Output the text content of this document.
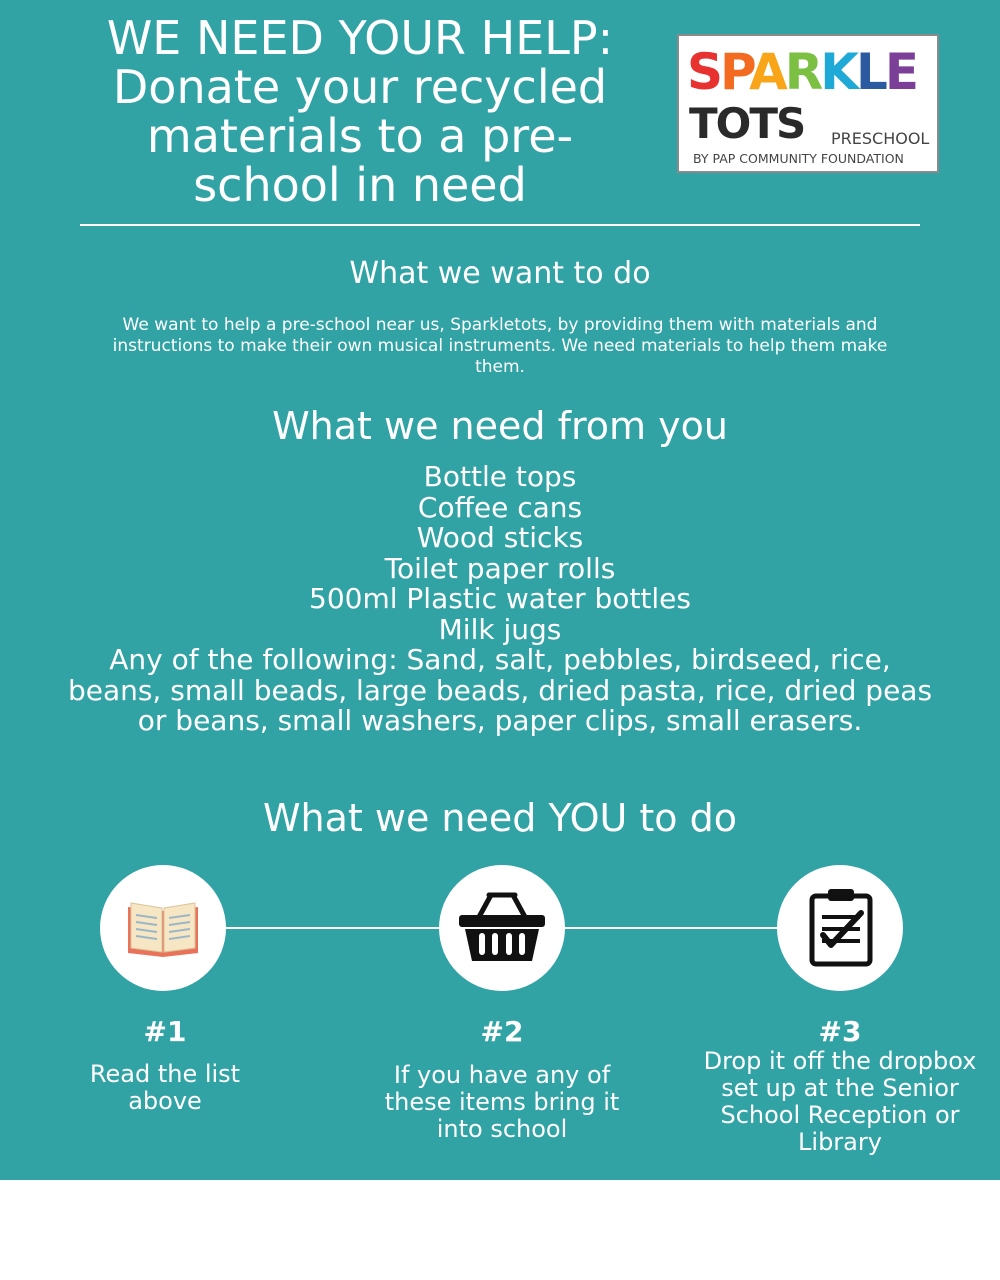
WE NEED YOUR HELP:
Donate your recycled
materials to a pre-
school in need
SPARKLE
TOTS PRESCHOOL
BY PAP COMMUNITY FOUNDATION
What we want to do

We want to help a pre-school near us, Sparkletots, by providing them with materials and instructions to make their own musical instruments. We need materials to help them make them.

What we need from you
Bottle tops
Coffee cans
Wood sticks
Toilet paper rolls
500ml Plastic water bottles
Milk jugs
Any of the following: Sand, salt, pebbles, birdseed, rice, beans, small beads, large beads, dried pasta, rice, dried peas or beans, small washers, paper clips, small erasers.
What we need YOU to do
#1

Read the list above

#2

If you have any of these items bring it into school

#3

Drop it off the dropbox set up at the Senior School Reception or Library
